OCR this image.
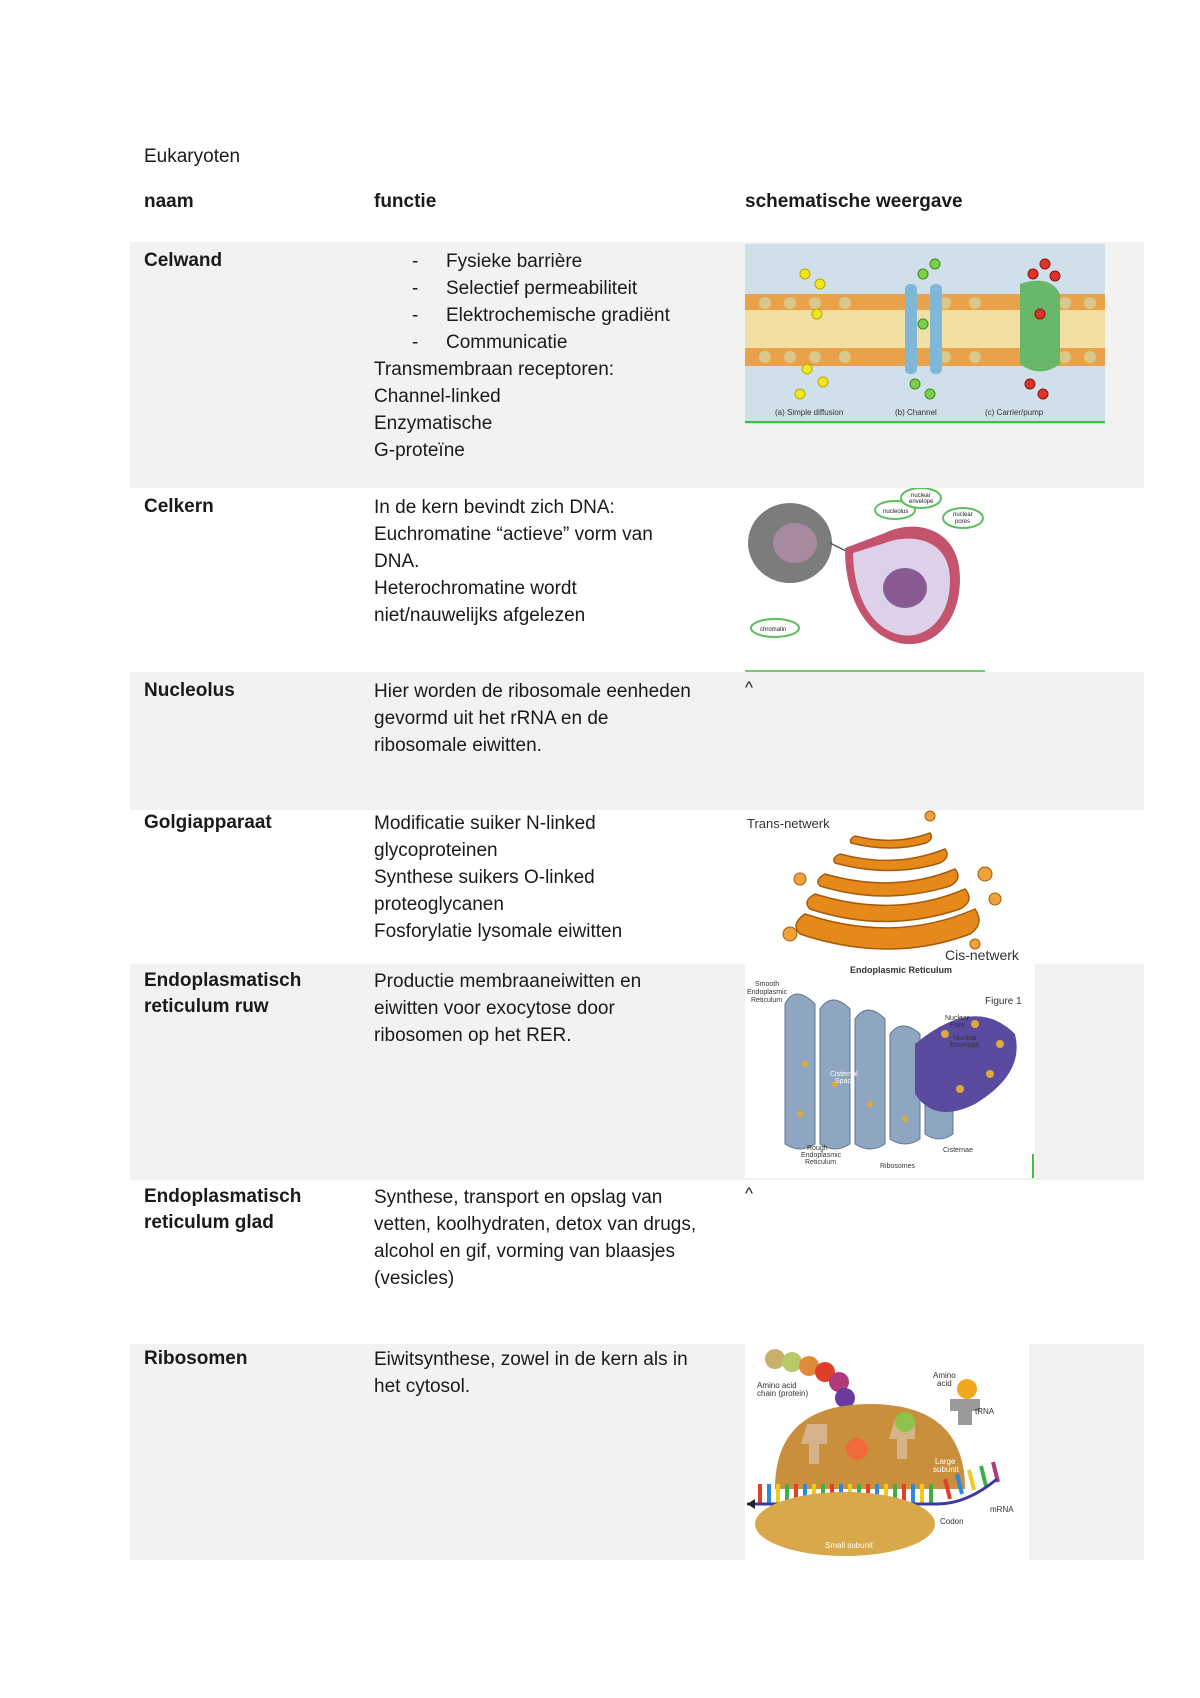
Eukaryoten
naam	functie	schematische weergave
Celwand
-	Fysieke barrière
- Selectief permeabiliteit
- Elektrochemische gradiënt
- Communicatie
Transmembraan receptoren:
Channel-linked
Enzymatische
G-proteïne
(a) Simple diffusion	(b) Channel	(c) Carrier/pump
Celkern	In de kern bevindt zich DNA:
Euchromatine “actieve” vorm van
DNA.
Heterochromatine wordt
niet/nauwelijks afgelezen
nucleolus
nuclear
envelope
nuclear
pores
chromatin
Nucleolus	Hier worden de ribosomale eenheden
gevormd uit het rRNA en de
ribosomale eiwitten.
^
Golgiapparaat	Modificatie suiker N-linked
glycoproteinen
Synthese suikers O-linked
proteoglycanen
Fosforylatie lysomale eiwitten
Trans-netwerk
Cis-netwerk
Endoplasmatisch
reticulum ruw
Productie membraaneiwitten en
eiwitten voor exocytose door
ribosomen op het RER.
Endoplasmic Reticulum
Figure 1
Smooth
Endoplasmic
Reticulum
Nuclear
Pore
Nuclear
Envelope
Cisternal
Space
Rough
Endoplasmic
Reticulum
Cisternae
Ribosomes
Endoplasmatisch
reticulum glad
Synthese, transport en opslag van
vetten, koolhydraten, detox van drugs,
alcohol en gif, vorming van blaasjes
(vesicles)
^
Ribosomen	Eiwitsynthese, zowel in de kern als in
het cytosol.	Amino acid
chain (protein)
Amino
acid
tRNA
Large
subunit
Codon
mRNA
Small subunit
